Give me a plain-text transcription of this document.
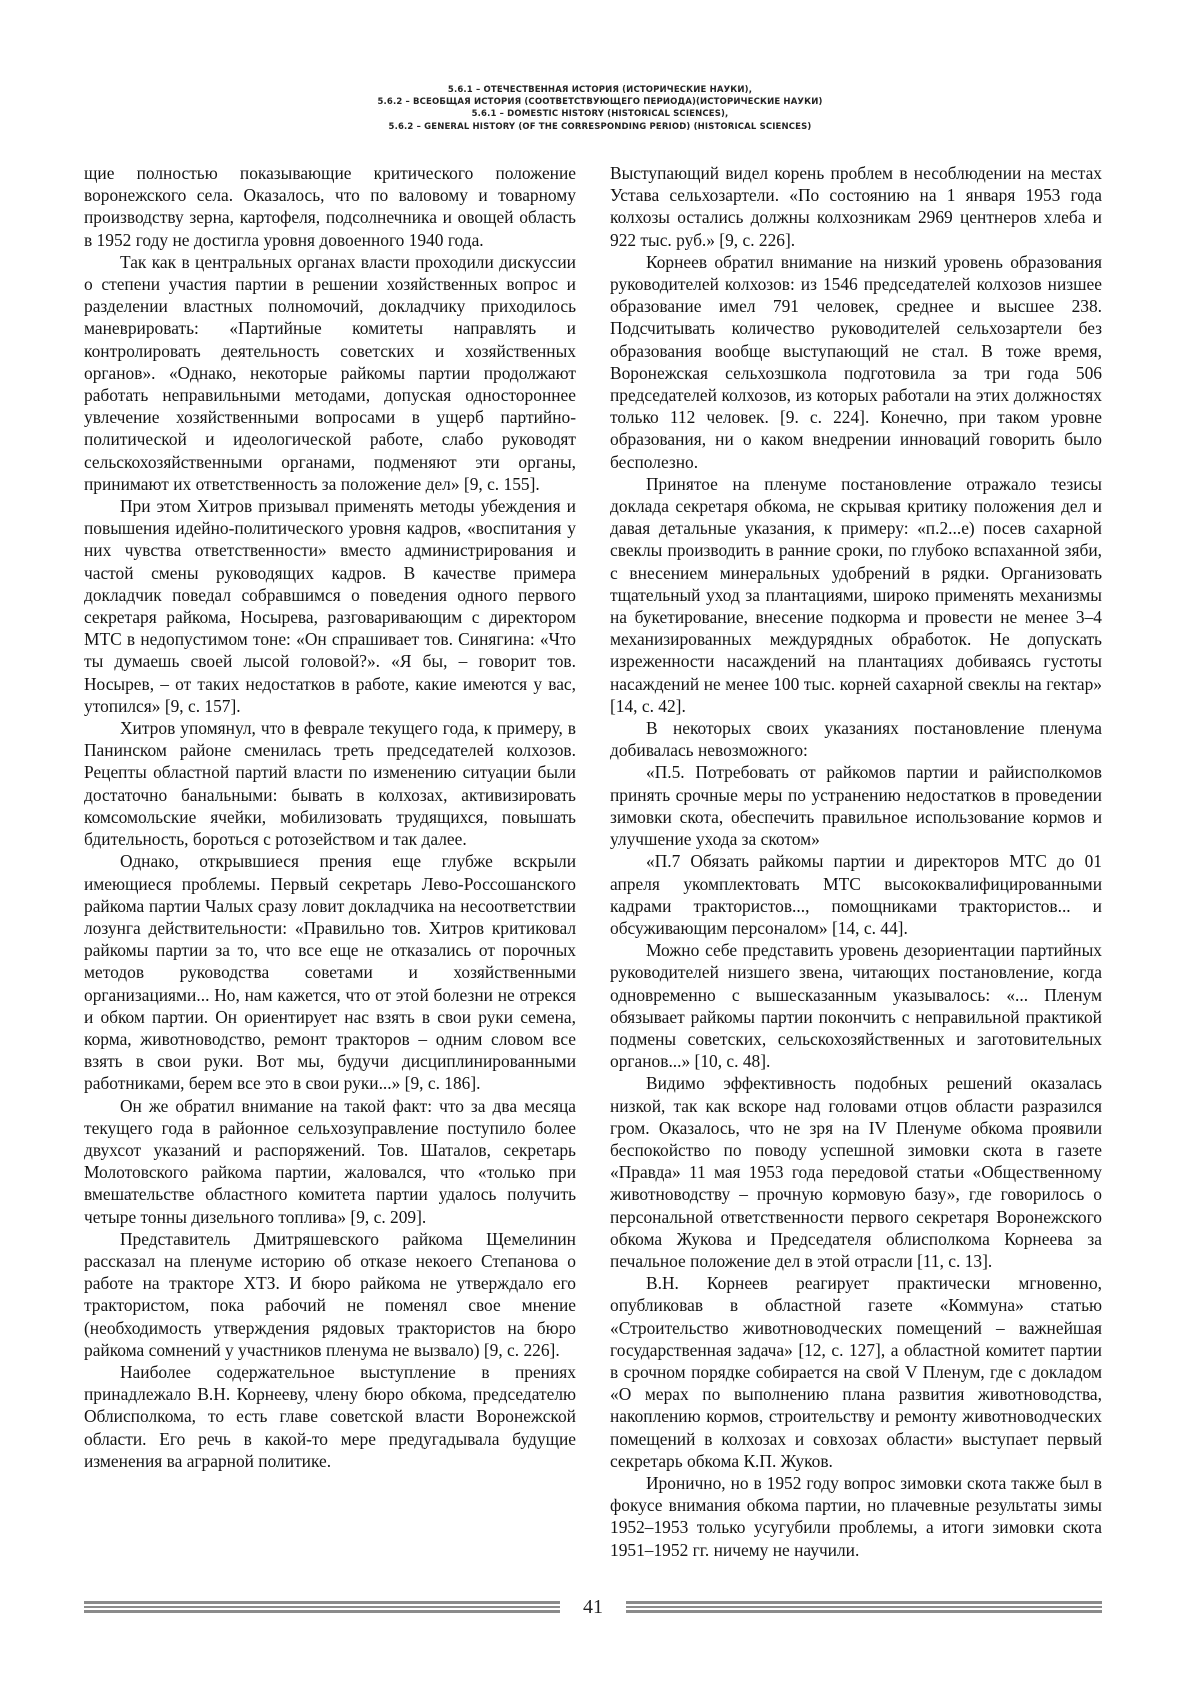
5.6.1 – ОТЕЧЕСТВЕННАЯ ИСТОРИЯ (ИСТОРИЧЕСКИЕ НАУКИ),
5.6.2 – ВСЕОБЩАЯ ИСТОРИЯ (СООТВЕТСТВУЮЩЕГО ПЕРИОДА)(ИСТОРИЧЕСКИЕ НАУКИ)
5.6.1 – DOMESTIC HISTORY (HISTORICAL SCIENCES),
5.6.2 – GENERAL HISTORY (OF THE CORRESPONDING PERIOD) (HISTORICAL SCIENCES)

щие полностью показывающие критического положение воронежского села. Оказалось, что по валовому и товарному производству зерна, картофеля, подсолнечника и овощей область в 1952 году не достигла уровня довоенного 1940 года.

Так как в центральных органах власти проходили дискуссии о степени участия партии в решении хозяйственных вопрос и разделении властных полномочий, докладчику приходилось маневрировать: «Партийные комитеты направлять и контролировать деятельность советских и хозяйственных органов». «Однако, некоторые райкомы партии продолжают работать неправильными методами, допуская одностороннее увлечение хозяйственными вопросами в ущерб партийно-политической и идеологической работе, слабо руководят сельскохозяйственными органами, подменяют эти органы, принимают их ответственность за положение дел» [9, с. 155].

При этом Хитров призывал применять методы убеждения и повышения идейно-политического уровня кадров, «воспитания у них чувства ответственности» вместо администрирования и частой смены руководящих кадров. В качестве примера докладчик поведал собравшимся о поведения одного первого секретаря райкома, Носырева, разговаривающим с директором МТС в недопустимом тоне: «Он спрашивает тов. Синягина: «Что ты думаешь своей лысой головой?». «Я бы, – говорит тов. Носырев, – от таких недостатков в работе, какие имеются у вас, утопился» [9, с. 157].

Хитров упомянул, что в феврале текущего года, к примеру, в Панинском районе сменилась треть председателей колхозов. Рецепты областной партий власти по изменению ситуации были достаточно банальными: бывать в колхозах, активизировать комсомольские ячейки, мобилизовать трудящихся, повышать бдительность, бороться с ротозейством и так далее.

Однако, открывшиеся прения еще глубже вскрыли имеющиеся проблемы. Первый секретарь Лево-Россошанского райкома партии Чалых сразу ловит докладчика на несоответствии лозунга действительности: «Правильно тов. Хитров критиковал райкомы партии за то, что все еще не отказались от порочных методов руководства советами и хозяйственными организациями... Но, нам кажется, что от этой болезни не отрекся и обком партии. Он ориентирует нас взять в свои руки семена, корма, животноводство, ремонт тракторов – одним словом все взять в свои руки. Вот мы, будучи дисциплинированными работниками, берем все это в свои руки...» [9, с. 186].

Он же обратил внимание на такой факт: что за два месяца текущего года в районное сельхозуправление поступило более двухсот указаний и распоряжений. Тов. Шаталов, секретарь Молотовского райкома партии, жаловался, что «только при вмешательстве областного комитета партии удалось получить четыре тонны дизельного топлива» [9, с. 209].

Представитель Дмитряшевского райкома Щемелинин рассказал на пленуме историю об отказе некоего Степанова о работе на тракторе ХТЗ. И бюро райкома не утверждало его трактористом, пока рабочий не поменял свое мнение (необходимость утверждения рядовых трактористов на бюро райкома сомнений у участников пленума не вызвало) [9, с. 226].

Наиболее содержательное выступление в прениях принадлежало В.Н. Корнееву, члену бюро обкома, председателю Облисполкома, то есть главе советской власти Воронежской области. Его речь в какой-то мере предугадывала будущие изменения ва аграрной политике.

Выступающий видел корень проблем в несоблюдении на местах Устава сельхозартели. «По состоянию на 1 января 1953 года колхозы остались должны колхозникам 2969 центнеров хлеба и 922 тыс. руб.» [9, с. 226].

Корнеев обратил внимание на низкий уровень образования руководителей колхозов: из 1546 председателей колхозов низшее образование имел 791 человек, среднее и высшее 238. Подсчитывать количество руководителей сельхозартели без образования вообще выступающий не стал. В тоже время, Воронежская сельхозшкола подготовила за три года 506 председателей колхозов, из которых работали на этих должностях только 112 человек. [9. с. 224]. Конечно, при таком уровне образования, ни о каком внедрении инноваций говорить было бесполезно.

Принятое на пленуме постановление отражало тезисы доклада секретаря обкома, не скрывая критику положения дел и давая детальные указания, к примеру: «п.2...е) посев сахарной свеклы производить в ранние сроки, по глубоко вспаханной зяби, с внесением минеральных удобрений в рядки. Организовать тщательный уход за плантациями, широко применять механизмы на букетирование, внесение подкорма и провести не менее 3–4 механизированных междурядных обработок. Не допускать изреженности насаждений на плантациях добиваясь густоты насаждений не менее 100 тыс. корней сахарной свеклы на гектар» [14, с. 42].

В некоторых своих указаниях постановление пленума добивалась невозможного:

«П.5. Потребовать от райкомов партии и райисполкомов принять срочные меры по устранению недостатков в проведении зимовки скота, обеспечить правильное использование кормов и улучшение ухода за скотом»

«П.7 Обязать райкомы партии и директоров МТС до 01 апреля укомплектовать МТС высококвалифицированными кадрами трактористов..., помощниками трактористов... и обсуживающим персоналом» [14, с. 44].

Можно себе представить уровень дезориентации партийных руководителей низшего звена, читающих постановление, когда одновременно с вышесказанным указывалось: «... Пленум обязывает райкомы партии покончить с неправильной практикой подмены советских, сельскохозяйственных и заготовительных органов...» [10, с. 48].

Видимо эффективность подобных решений оказалась низкой, так как вскоре над головами отцов области разразился гром. Оказалось, что не зря на IV Пленуме обкома проявили беспокойство по поводу успешной зимовки скота в газете «Правда» 11 мая 1953 года передовой статьи «Общественному животноводству – прочную кормовую базу», где говорилось о персональной ответственности первого секретаря Воронежского обкома Жукова и Председателя облисполкома Корнеева за печальное положение дел в этой отрасли [11, с. 13].

В.Н. Корнеев реагирует практически мгновенно, опубликовав в областной газете «Коммуна» статью «Строительство животноводческих помещений – важнейшая государственная задача» [12, с. 127], а областной комитет партии в срочном порядке собирается на свой V Пленум, где с докладом «О мерах по выполнению плана развития животноводства, накоплению кормов, строительству и ремонту животноводческих помещений в колхозах и совхозах области» выступает первый секретарь обкома К.П. Жуков.

Иронично, но в 1952 году вопрос зимовки скота также был в фокусе внимания обкома партии, но плачевные результаты зимы 1952–1953 только усугубили проблемы, а итоги зимовки скота 1951–1952 гг. ничему не научили.

41
